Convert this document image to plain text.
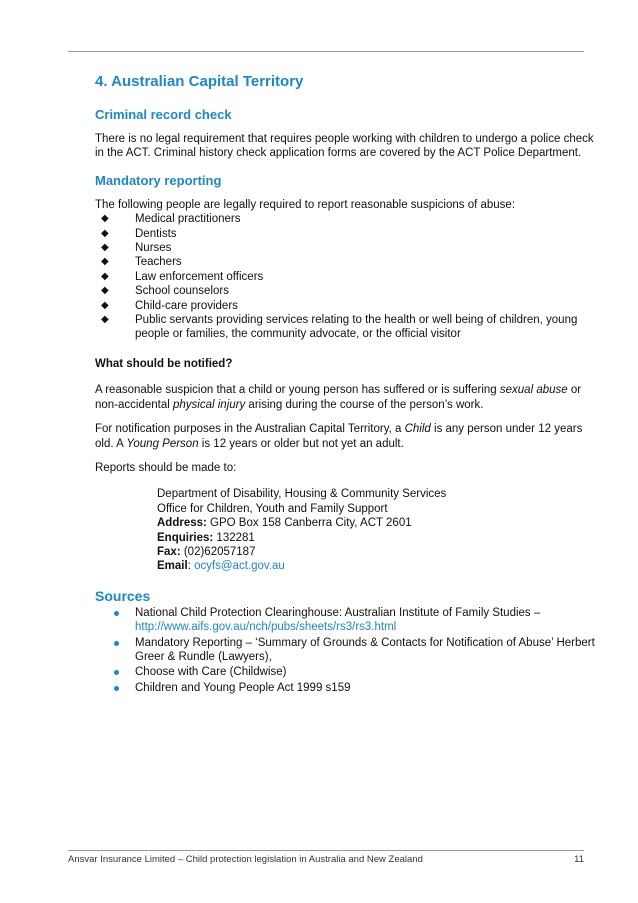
4. Australian Capital Territory
Criminal record check

There is no legal requirement that requires people working with children to undergo a police check in the ACT. Criminal history check application forms are covered by the ACT Police Department.

Mandatory reporting

The following people are legally required to report reasonable suspicions of abuse:

◆ Medical practitioners
◆ Dentists
◆ Nurses
◆ Teachers
◆ Law enforcement officers
◆ School counselors
◆ Child-care providers
◆ Public servants providing services relating to the health or well being of children, young people or families, the community advocate, or the official visitor

What should be notified?

A reasonable suspicion that a child or young person has suffered or is suffering sexual abuse or non-accidental physical injury arising during the course of the person’s work.

For notification purposes in the Australian Capital Territory, a Child is any person under 12 years old. A Young Person is 12 years or older but not yet an adult.

Reports should be made to:

Department of Disability, Housing & Community Services
Office for Children, Youth and Family Support
Address: GPO Box 158 Canberra City, ACT 2601
Enquiries: 132281
Fax: (02)62057187
Email: ocyfs@act.gov.au
Sources
National Child Protection Clearinghouse: Australian Institute of Family Studies –
http://www.aifs.gov.au/nch/pubs/sheets/rs3/rs3.html
Mandatory Reporting – ‘Summary of Grounds & Contacts for Notification of Abuse’ Herbert Greer & Rundle (Lawyers),
Choose with Care (Childwise)
Children and Young People Act 1999 s159
Ansvar Insurance Limited – Child protection legislation in Australia and New Zealand	11
